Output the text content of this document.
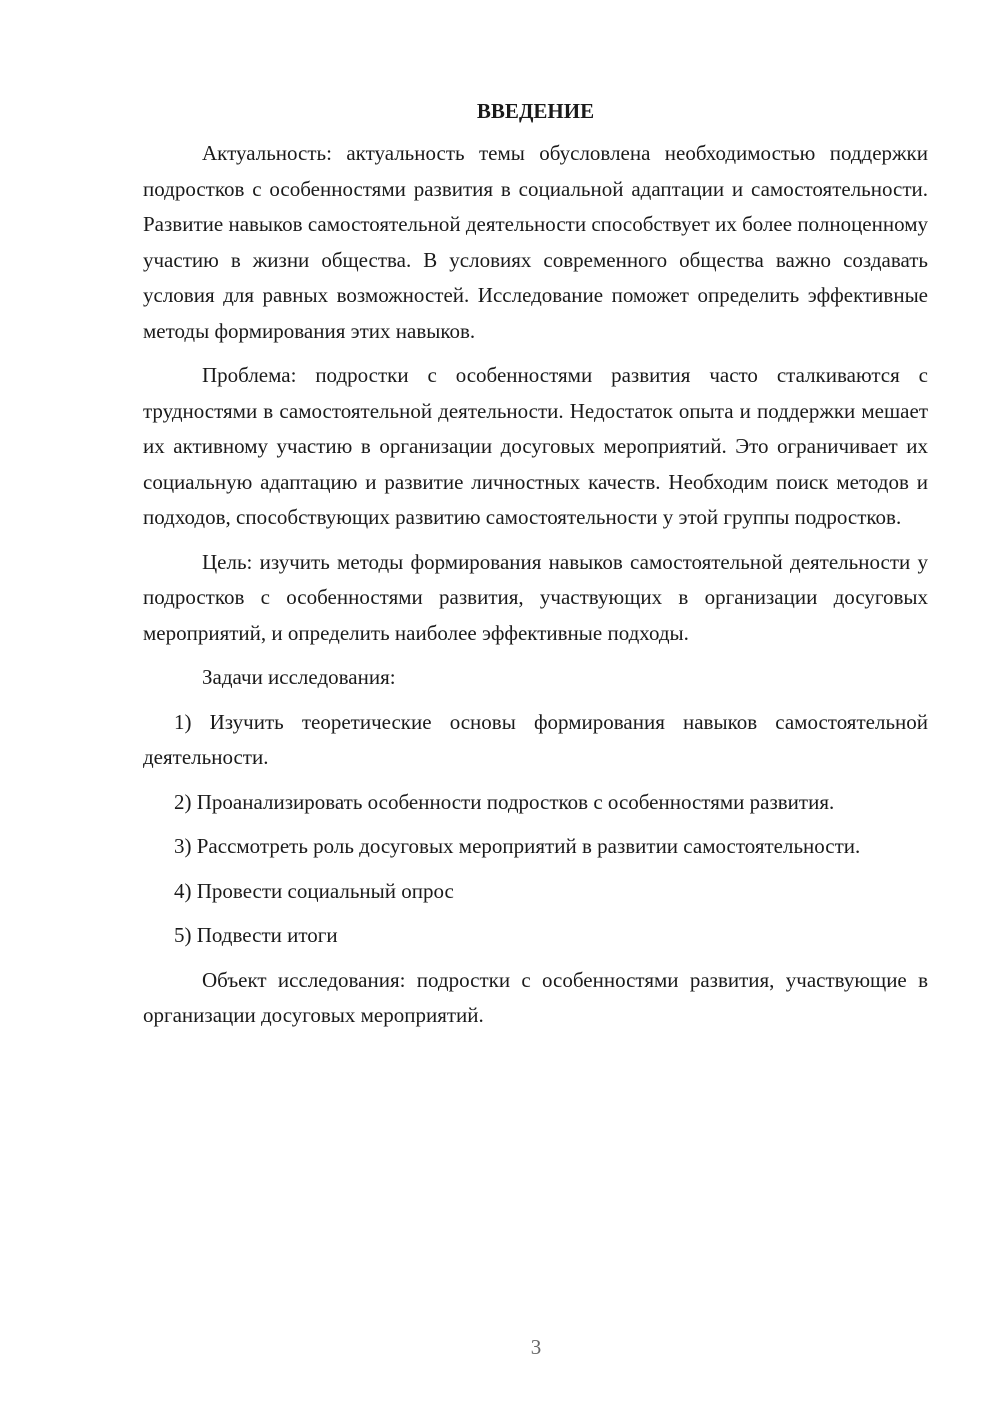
ВВЕДЕНИЕ

Актуальность: актуальность темы обусловлена необходимостью поддержки подростков с особенностями развития в социальной адаптации и самостоятельности. Развитие навыков самостоятельной деятельности способствует их более полноценному участию в жизни общества. В условиях современного общества важно создавать условия для равных возможностей. Исследование поможет определить эффективные методы формирования этих навыков.

Проблема: подростки с особенностями развития часто сталкиваются с трудностями в самостоятельной деятельности. Недостаток опыта и поддержки мешает их активному участию в организации досуговых мероприятий. Это ограничивает их социальную адаптацию и развитие личностных качеств. Необходим поиск методов и подходов, способствующих развитию самостоятельности у этой группы подростков.

Цель: изучить методы формирования навыков самостоятельной деятельности у подростков с особенностями развития, участвующих в организации досуговых мероприятий, и определить наиболее эффективные подходы.

Задачи исследования:

1) Изучить теоретические основы формирования навыков самостоятельной деятельности.

2) Проанализировать особенности подростков с особенностями развития.

3) Рассмотреть роль досуговых мероприятий в развитии самостоятельности.

4) Провести социальный опрос

5) Подвести итоги

Объект исследования: подростки с особенностями развития, участвующие в организации досуговых мероприятий.

3
